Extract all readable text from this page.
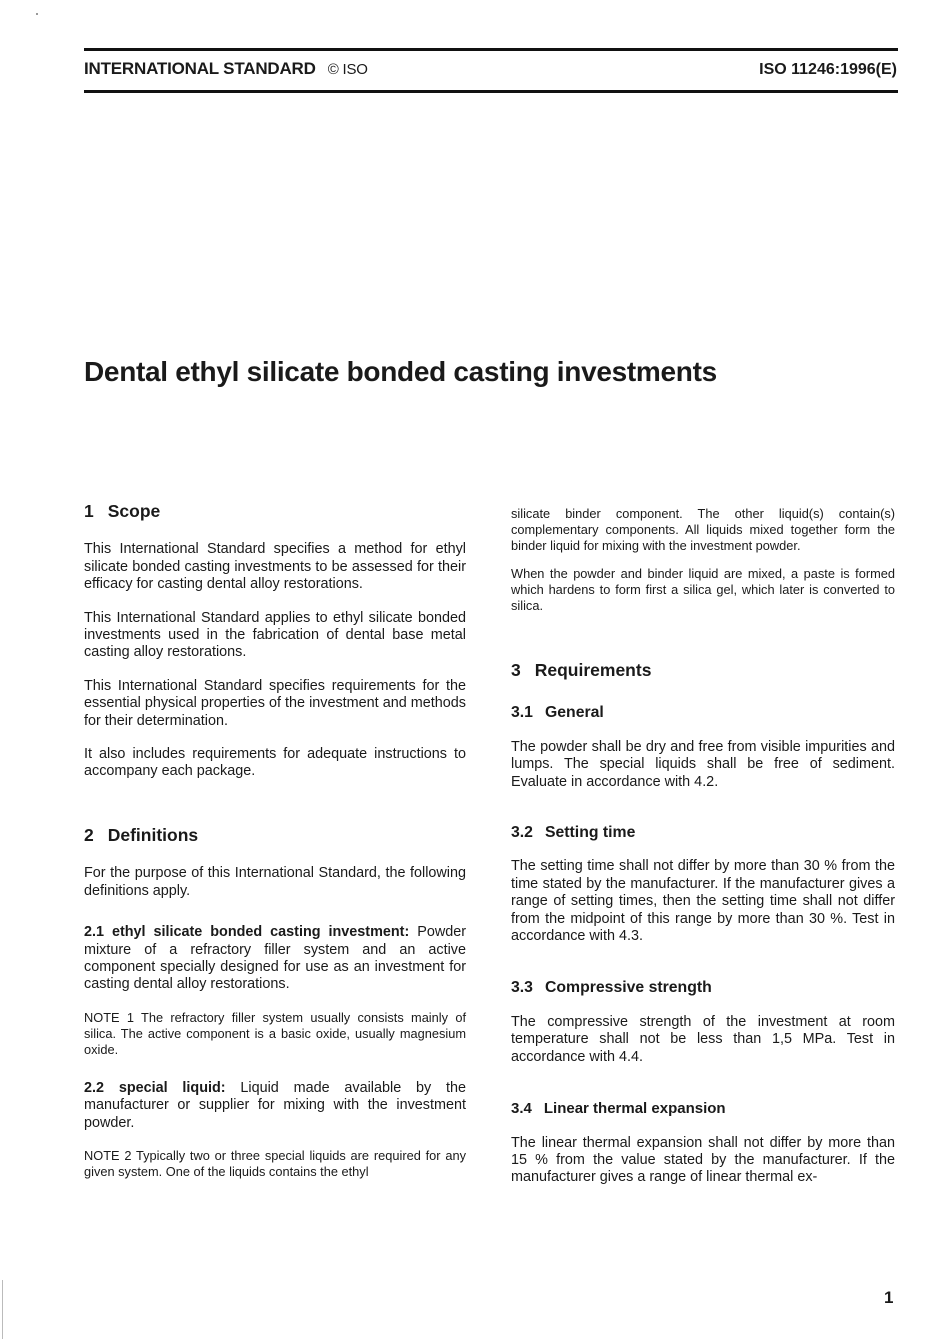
INTERNATIONAL STANDARD © ISO	ISO 11246:1996(E)
Dental ethyl silicate bonded casting investments
1 Scope

This International Standard specifies a method for ethyl silicate bonded casting investments to be assessed for their efficacy for casting dental alloy restorations.

This International Standard applies to ethyl silicate bonded investments used in the fabrication of dental base metal casting alloy restorations.

This International Standard specifies requirements for the essential physical properties of the investment and methods for their determination.

It also includes requirements for adequate instructions to accompany each package.

2 Definitions

For the purpose of this International Standard, the following definitions apply.

2.1 ethyl silicate bonded casting investment: Powder mixture of a refractory filler system and an active component specially designed for use as an investment for casting dental alloy restorations.

NOTE 1 The refractory filler system usually consists mainly of silica. The active component is a basic oxide, usually magnesium oxide.

2.2 special liquid: Liquid made available by the manufacturer or supplier for mixing with the investment powder.

NOTE 2 Typically two or three special liquids are required for any given system. One of the liquids contains the ethyl

silicate binder component. The other liquid(s) contain(s) complementary components. All liquids mixed together form the binder liquid for mixing with the investment powder.

When the powder and binder liquid are mixed, a paste is formed which hardens to form first a silica gel, which later is converted to silica.

3 Requirements
3.1 General

The powder shall be dry and free from visible impurities and lumps. The special liquids shall be free of sediment. Evaluate in accordance with 4.2.

3.2 Setting time

The setting time shall not differ by more than 30 % from the time stated by the manufacturer. If the manufacturer gives a range of setting times, then the setting time shall not differ from the midpoint of this range by more than 30 %. Test in accordance with 4.3.

3.3 Compressive strength

The compressive strength of the investment at room temperature shall not be less than 1,5 MPa. Test in accordance with 4.4.

3.4 Linear thermal expansion

The linear thermal expansion shall not differ by more than 15 % from the value stated by the manufacturer. If the manufacturer gives a range of linear thermal ex-

1
